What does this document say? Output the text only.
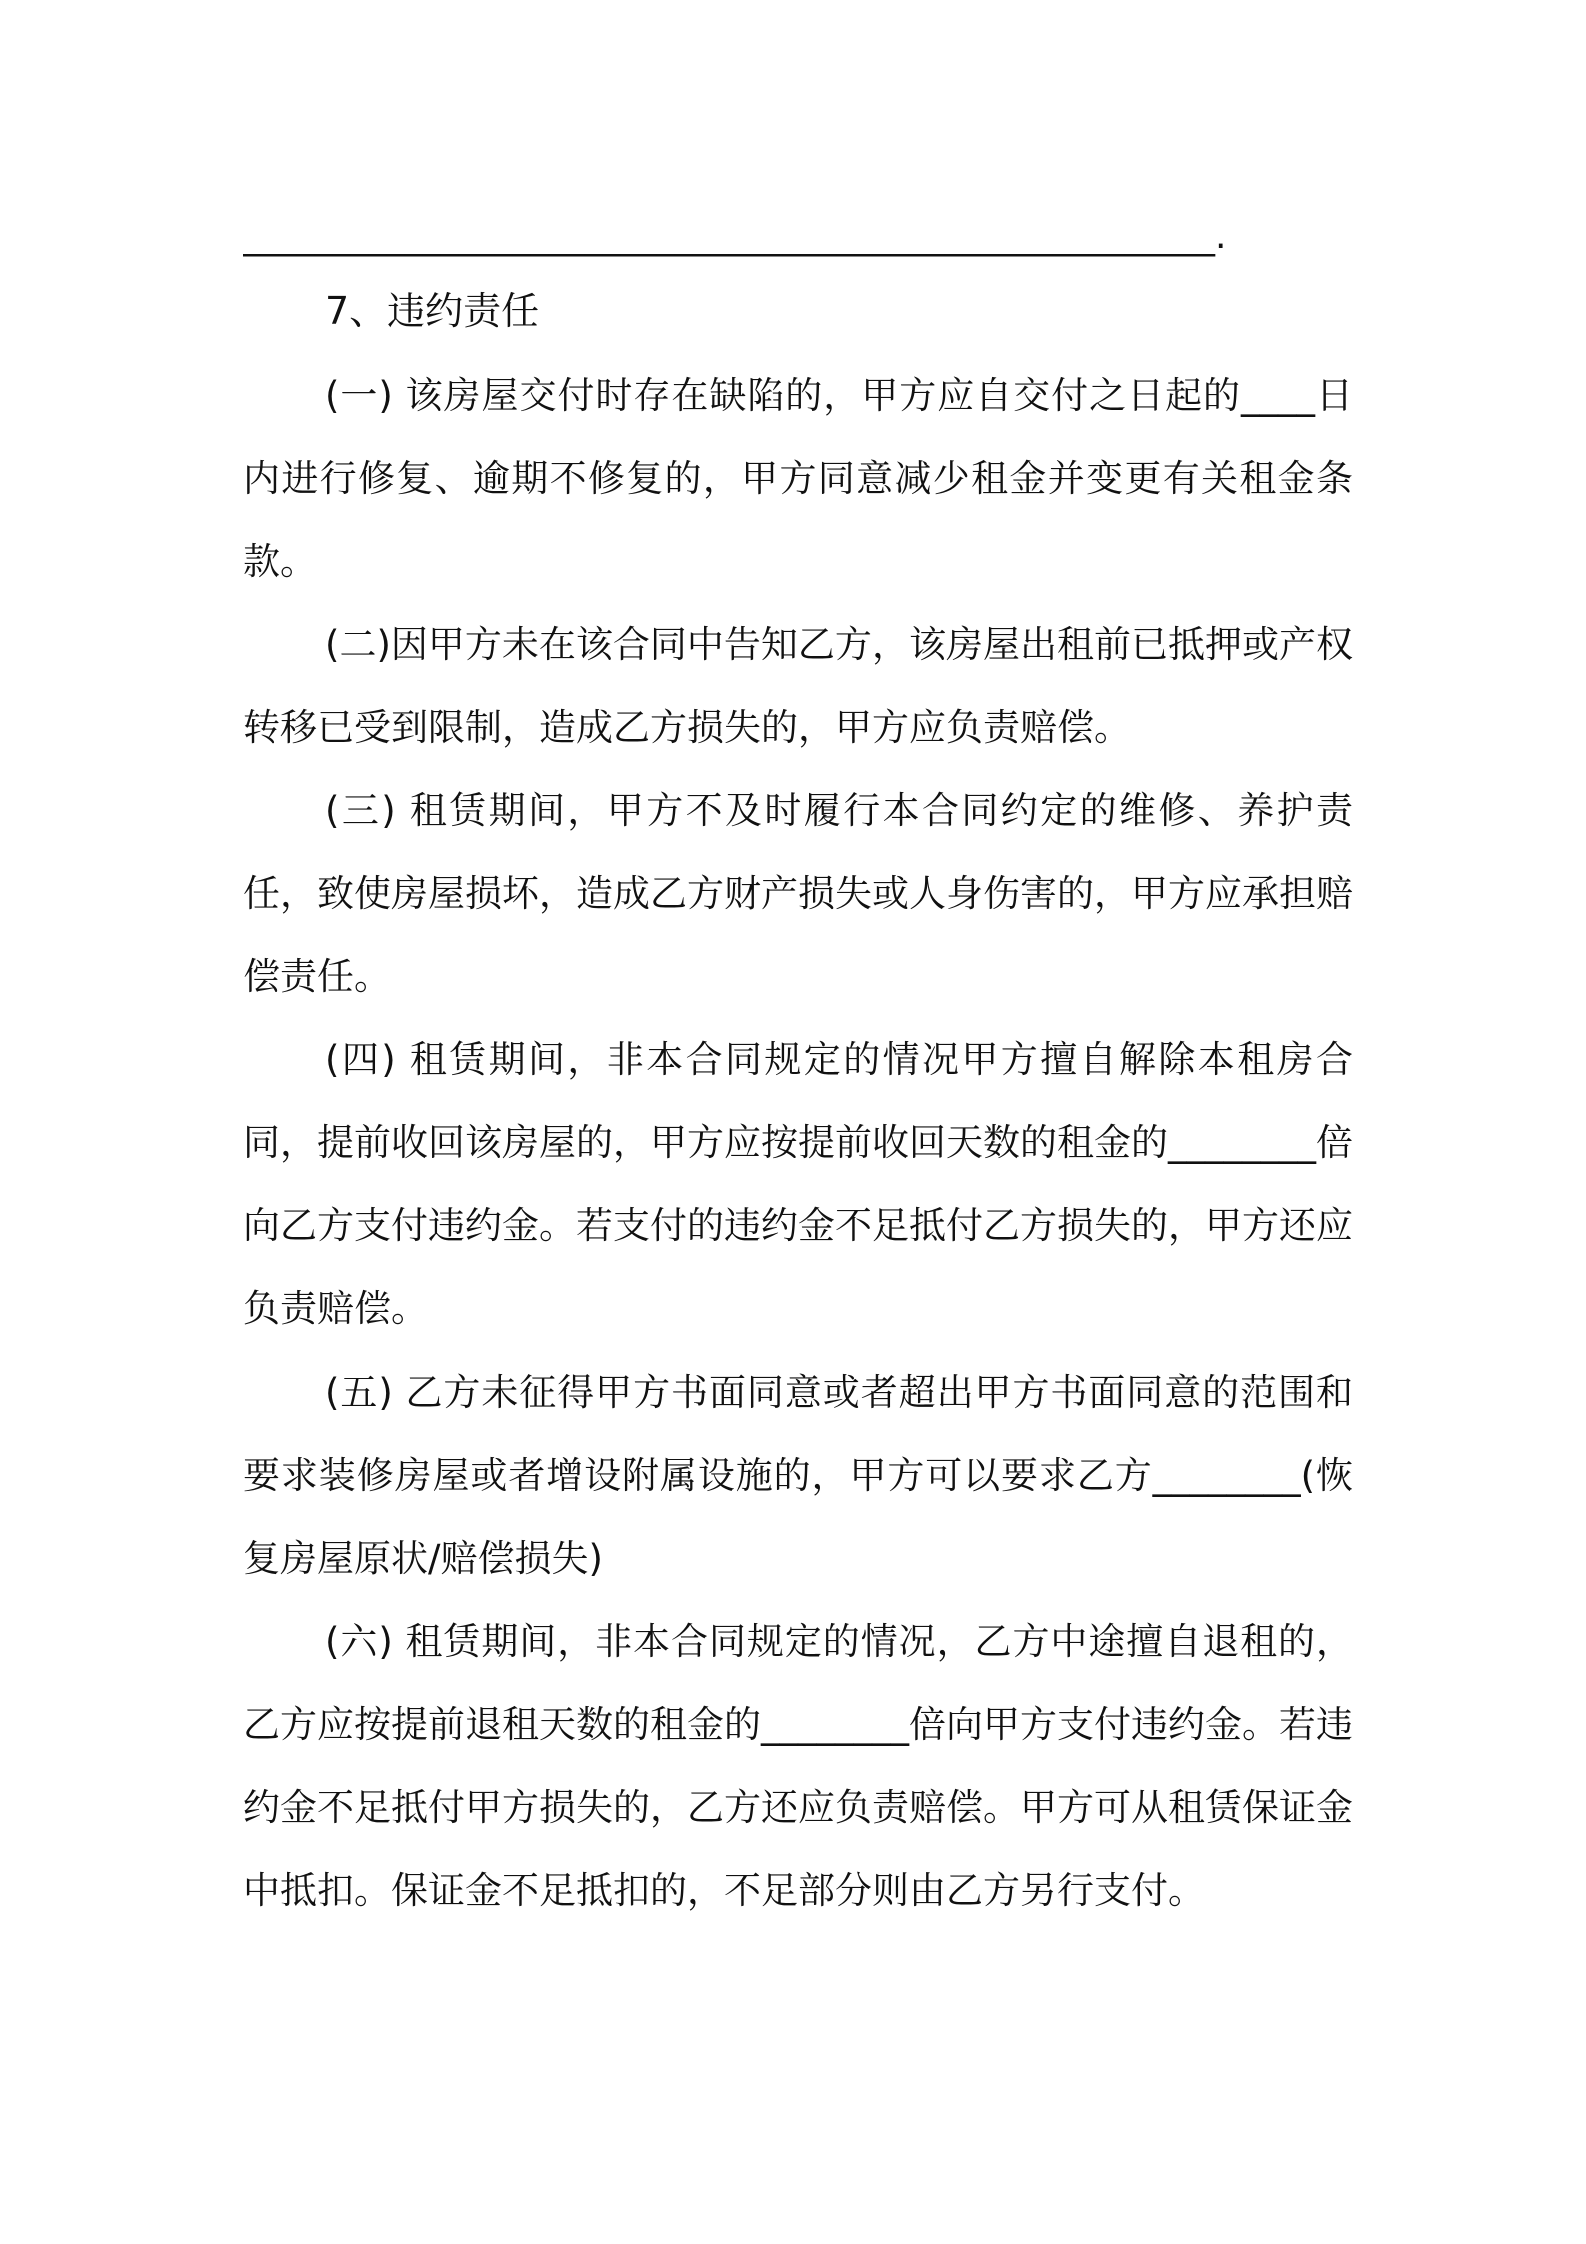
______________________________________________________.
7、违约责任

(一) 该房屋交付时存在缺陷的，甲方应自交付之日起的____日内进行修复、逾期不修复的，甲方同意减少租金并变更有关租金条款。

(二)因甲方未在该合同中告知乙方，该房屋出租前已抵押或产权转移已受到限制，造成乙方损失的，甲方应负责赔偿。

(三) 租赁期间，甲方不及时履行本合同约定的维修、养护责任，致使房屋损坏，造成乙方财产损失或人身伤害的，甲方应承担赔偿责任。

(四) 租赁期间，非本合同规定的情况甲方擅自解除本租房合同，提前收回该房屋的，甲方应按提前收回天数的租金的________倍向乙方支付违约金。若支付的违约金不足抵付乙方损失的，甲方还应负责赔偿。

(五) 乙方未征得甲方书面同意或者超出甲方书面同意的范围和要求装修房屋或者增设附属设施的，甲方可以要求乙方________(恢复房屋原状/赔偿损失)

(六) 租赁期间，非本合同规定的情况，乙方中途擅自退租的，乙方应按提前退租天数的租金的________倍向甲方支付违约金。若违约金不足抵付甲方损失的，乙方还应负责赔偿。甲方可从租赁保证金中抵扣。保证金不足抵扣的，不足部分则由乙方另行支付。
